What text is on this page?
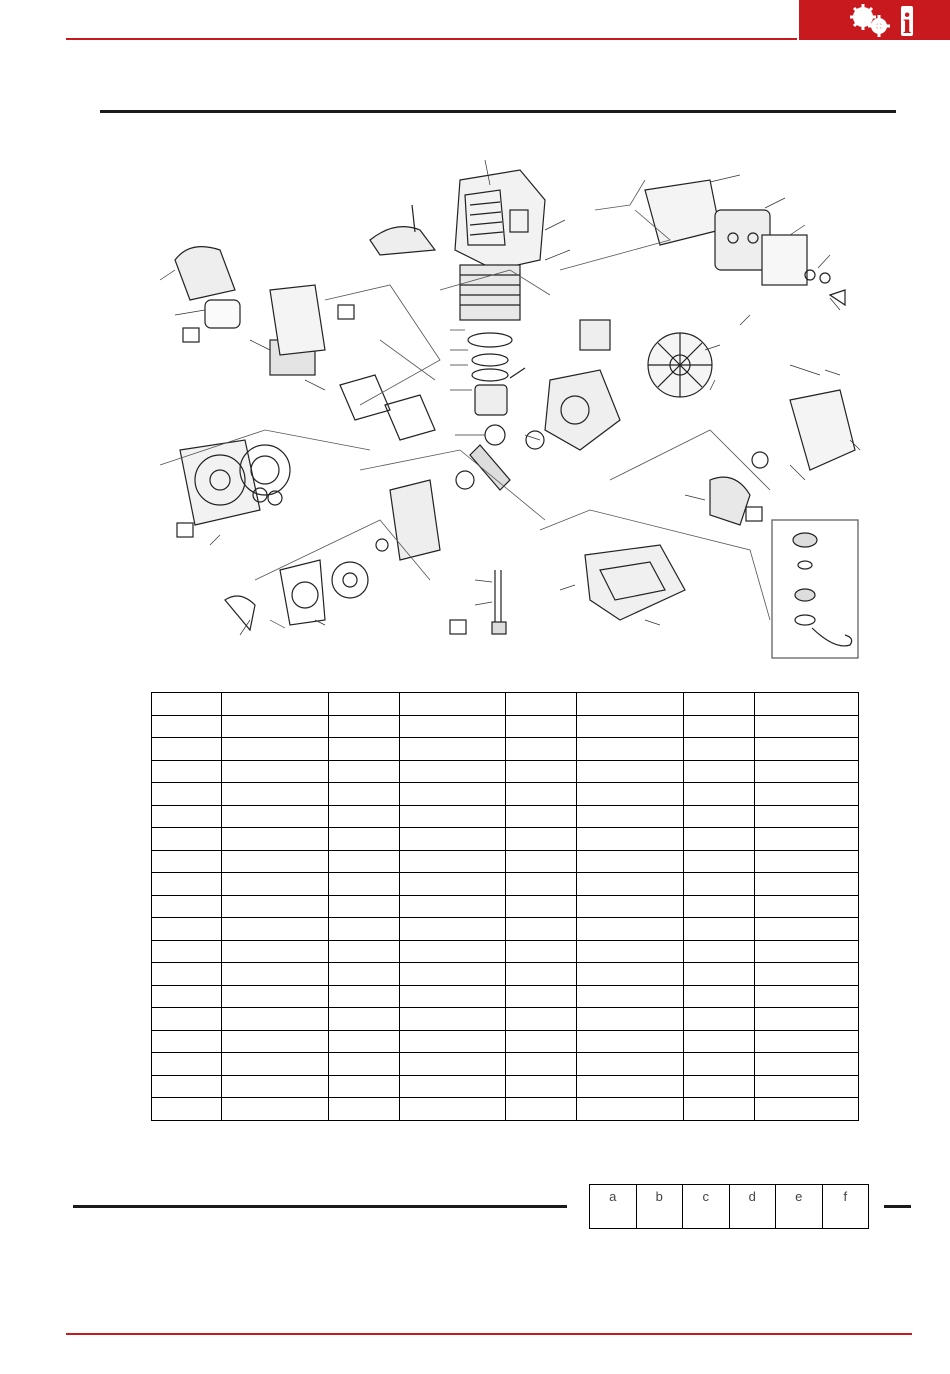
i

a	b	c	d	e	f
